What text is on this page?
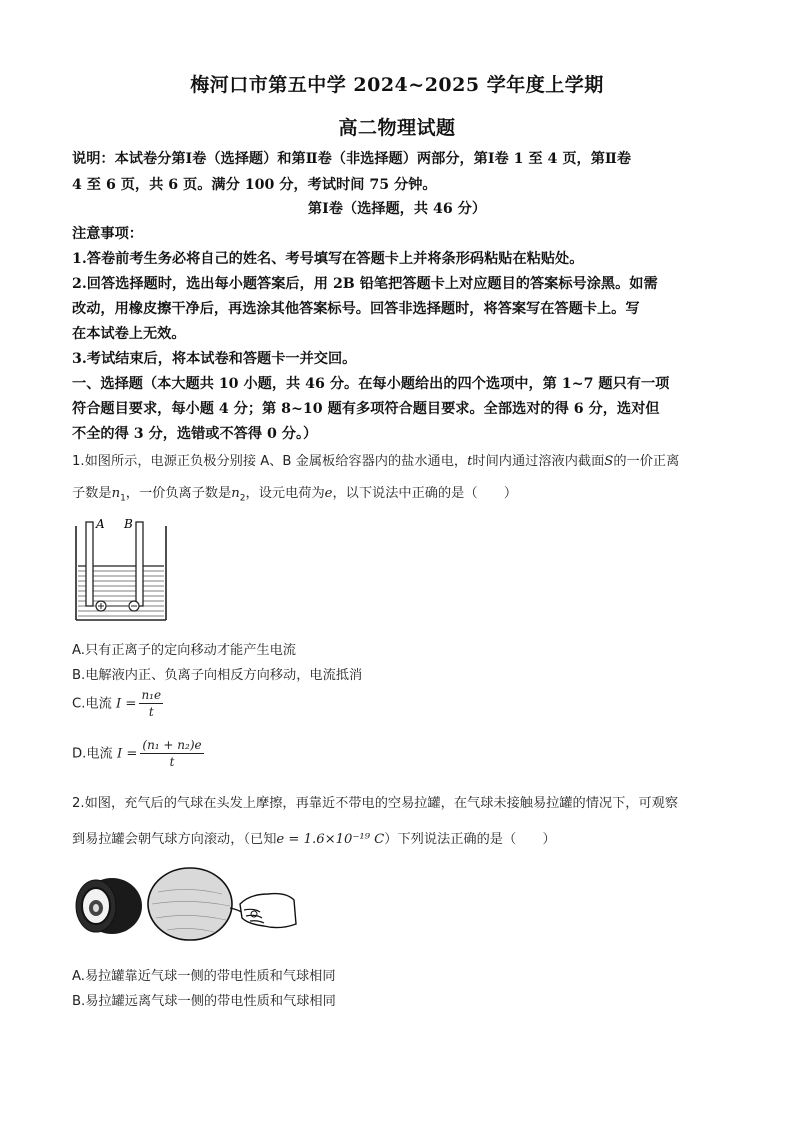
梅河口市第五中学 2024~2025 学年度上学期
高二物理试题
说明：本试卷分第Ⅰ卷（选择题）和第Ⅱ卷（非选择题）两部分，第Ⅰ卷 1 至 4 页，第Ⅱ卷
4 至 6 页，共 6 页。满分 100 分，考试时间 75 分钟。
第Ⅰ卷（选择题，共 46 分）
注意事项：
1.答卷前考生务必将自己的姓名、考号填写在答题卡上并将条形码粘贴在粘贴处。
2.回答选择题时，选出每小题答案后，用 2B 铅笔把答题卡上对应题目的答案标号涂黑。如需
改动，用橡皮擦干净后，再选涂其他答案标号。回答非选择题时，将答案写在答题卡上。写
在本试卷上无效。
3.考试结束后，将本试卷和答题卡一并交回。
一、选择题（本大题共 10 小题，共 46 分。在每小题给出的四个选项中，第 1~7 题只有一项
符合题目要求，每小题 4 分；第 8~10 题有多项符合题目要求。全部选对的得 6 分，选对但
不全的得 3 分，选错或不答得 0 分。）
1.如图所示，电源正负极分别接 A、B 金属板给容器内的盐水通电，t时间内通过溶液内截面S的一价正离
子数是$n_1$，一价负离子数是$n_2$，设元电荷为e，以下说法中正确的是（　　）
A B
A.只有正离子的定向移动才能产生电流
B.电解液内正、负离子向相反方向移动，电流抵消
C.电流 $I = \frac{\text{n₁e}}{t}$
D.电流 $I = \frac{\text{(n₁ + n₂)e}}{t}$
2.如图，充气后的气球在头发上摩擦，再靠近不带电的空易拉罐，在气球未接触易拉罐的情况下，可观察
到易拉罐会朝气球方向滚动，（已知e = 1.6×10⁻¹⁹ C）下列说法正确的是（　　）
A.易拉罐靠近气球一侧的带电性质和气球相同
B.易拉罐远离气球一侧的带电性质和气球相同
